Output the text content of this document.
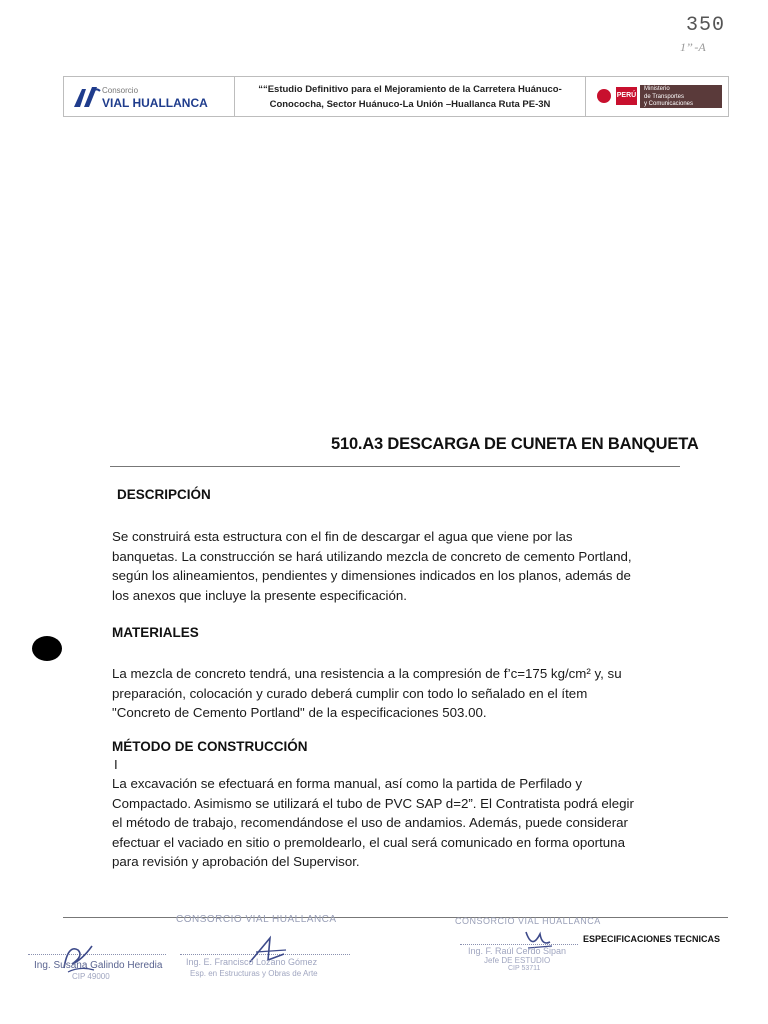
350
1’’ -A
Consorcio
VIAL HUALLANCA
““Estudio Definitivo para el Mejoramiento de la Carretera Huánuco-
Conococha, Sector Huánuco-La Unión –Huallanca Ruta PE-3N
PERÚ
Ministerio
de Transportes
y Comunicaciones
510.A3 DESCARGA DE CUNETA EN BANQUETA
DESCRIPCIÓN
Se construirá esta estructura con el fin de descargar el agua que viene por las
banquetas. La construcción se hará utilizando mezcla de concreto de cemento Portland,
según los alineamientos, pendientes y dimensiones indicados en los planos, además de
los anexos que incluye la presente especificación.
MATERIALES
La mezcla de concreto tendrá, una resistencia a la compresión de f’c=175 kg/cm² y, su
preparación, colocación y curado deberá cumplir con todo lo señalado en el ítem
"Concreto de Cemento Portland" de la especificaciones 503.00.
MÉTODO DE CONSTRUCCIÓN
I
La excavación se efectuará en forma manual, así como la partida de Perfilado y
Compactado. Asimismo se utilizará el tubo de PVC SAP d=2”. El Contratista podrá elegir
el método de trabajo, recomendándose el uso de andamios. Además, puede considerar
efectuar el vaciado en sitio o premoldearlo, el cual será comunicado en forma oportuna
para revisión y aprobación del Supervisor.
CONSORCIO VIAL HUALLANCA	CONSORCIO VIAL HUALLANCA
Ing. Susana Galindo Heredia
CIP 49000
Ing. E. Francisco Lozano Gómez
Esp. en Estructuras y Obras de Arte
Ing. F. Raúl Cerdo Sipan
Jefe DE ESTUDIO
CIP 53711
ESPECIFICACIONES TECNICAS
